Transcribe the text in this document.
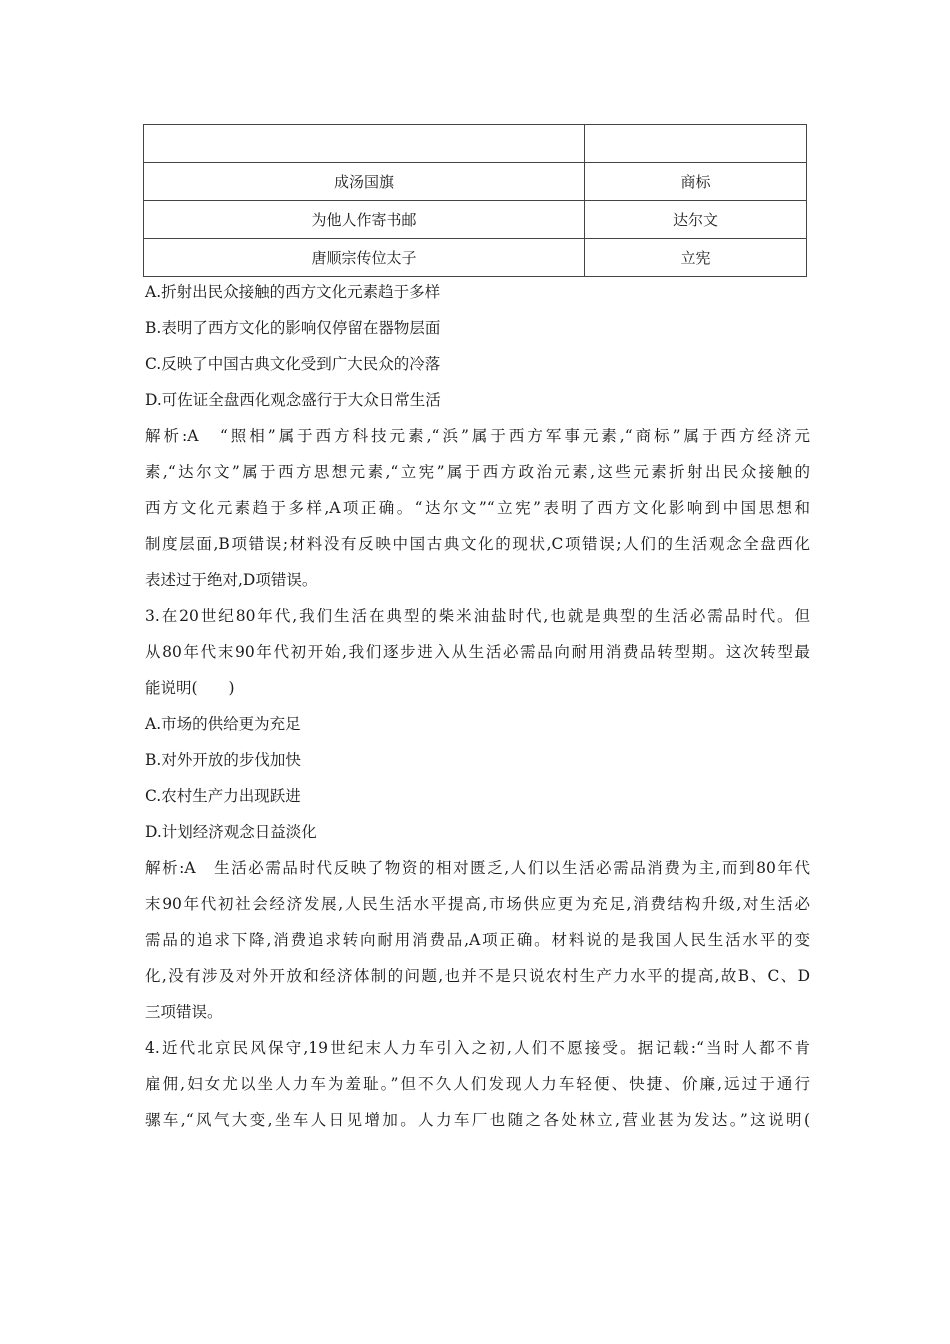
成汤国旗	商标
为他人作寄书邮	达尔文
唐顺宗传位太子	立宪
A.折射出民众接触的西方文化元素趋于多样
B.表明了西方文化的影响仅停留在器物层面
C.反映了中国古典文化受到广大民众的冷落
D.可佐证全盘西化观念盛行于大众日常生活
解析:A　“照相”属于西方科技元素,“浜”属于西方军事元素,“商标”属于西方经济元
素,“达尔文”属于西方思想元素,“立宪”属于西方政治元素,这些元素折射出民众接触的
西方文化元素趋于多样,A项正确。“达尔文”“立宪”表明了西方文化影响到中国思想和
制度层面,B项错误;材料没有反映中国古典文化的现状,C项错误;人们的生活观念全盘西化
表述过于绝对,D项错误。
3.在20世纪80年代,我们生活在典型的柴米油盐时代,也就是典型的生活必需品时代。但
从80年代末90年代初开始,我们逐步进入从生活必需品向耐用消费品转型期。这次转型最
能说明(　　)
A.市场的供给更为充足
B.对外开放的步伐加快
C.农村生产力出现跃进
D.计划经济观念日益淡化
解析:A　生活必需品时代反映了物资的相对匮乏,人们以生活必需品消费为主,而到80年代
末90年代初社会经济发展,人民生活水平提高,市场供应更为充足,消费结构升级,对生活必
需品的追求下降,消费追求转向耐用消费品,A项正确。材料说的是我国人民生活水平的变
化,没有涉及对外开放和经济体制的问题,也并不是只说农村生产力水平的提高,故B、C、D
三项错误。
4.近代北京民风保守,19世纪末人力车引入之初,人们不愿接受。据记载:“当时人都不肯
雇佣,妇女尤以坐人力车为羞耻。”但不久人们发现人力车轻便、快捷、价廉,远过于通行
骡车,“风气大变,坐车人日见增加。人力车厂也随之各处林立,营业甚为发达。”这说明(
